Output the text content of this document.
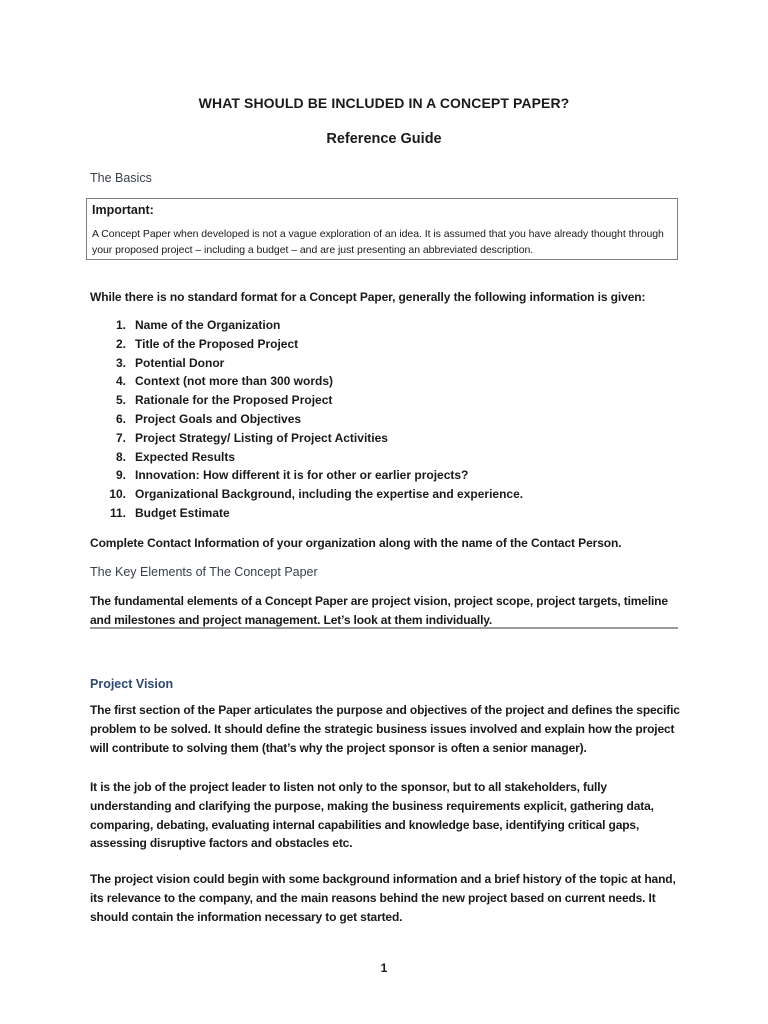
WHAT SHOULD BE INCLUDED IN A CONCEPT PAPER?
Reference Guide
The Basics

Important:

A Concept Paper when developed is not a vague exploration of an idea. It is assumed that you have already thought through your proposed project – including a budget – and are just presenting an abbreviated description.

While there is no standard format for a Concept Paper, generally the following information is given:
1. Name of the Organization
2. Title of the Proposed Project
3. Potential Donor
4. Context (not more than 300 words)
5. Rationale for the Proposed Project
6. Project Goals and Objectives
7. Project Strategy/ Listing of Project Activities
8. Expected Results
9. Innovation: How different it is for other or earlier projects?
10. Organizational Background, including the expertise and experience.
11. Budget Estimate
Complete Contact Information of your organization along with the name of the Contact Person.
The Key Elements of The Concept Paper
The fundamental elements of a Concept Paper are project vision, project scope, project targets, timeline and milestones and project management. Let’s look at them individually.
Project Vision

The first section of the Paper articulates the purpose and objectives of the project and defines the specific problem to be solved. It should define the strategic business issues involved and explain how the project will contribute to solving them (that’s why the project sponsor is often a senior manager).

It is the job of the project leader to listen not only to the sponsor, but to all stakeholders, fully understanding and clarifying the purpose, making the business requirements explicit, gathering data, comparing, debating, evaluating internal capabilities and knowledge base, identifying critical gaps, assessing disruptive factors and obstacles etc.

The project vision could begin with some background information and a brief history of the topic at hand, its relevance to the company, and the main reasons behind the new project based on current needs. It should contain the information necessary to get started.

1
